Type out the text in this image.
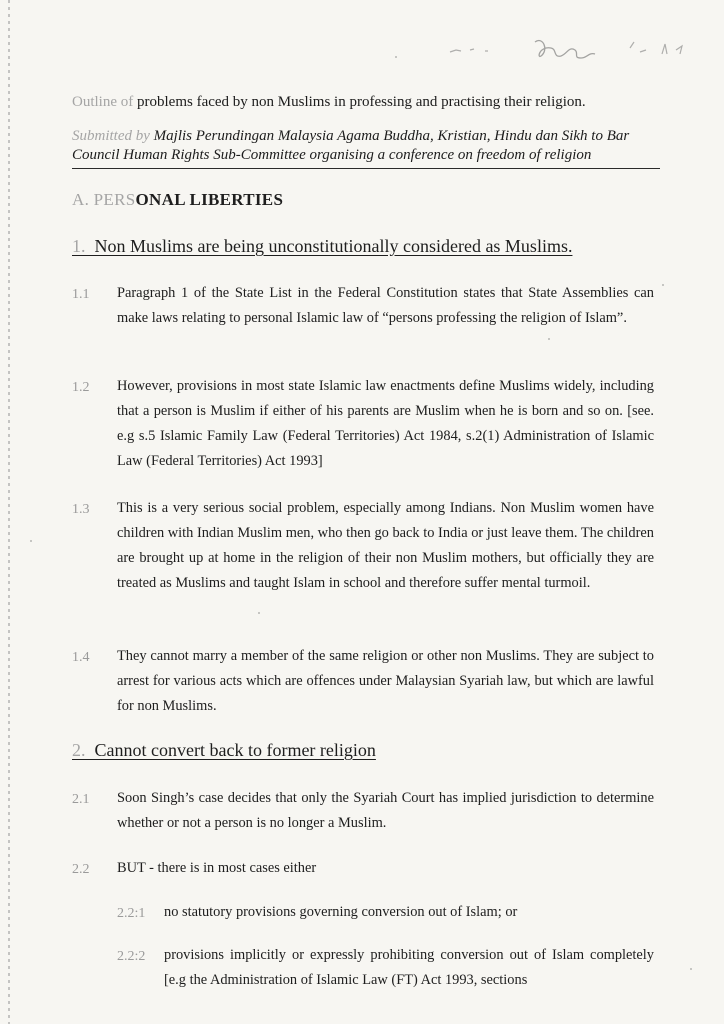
Outline of problems faced by non Muslims in professing and practising their religion.
Submitted by Majlis Perundingan Malaysia Agama Buddha, Kristian, Hindu dan Sikh to Bar Council Human Rights Sub-Committee organising a conference on freedom of religion
A. PERSONAL LIBERTIES
1. Non Muslims are being unconstitutionally considered as Muslims.
1.1 Paragraph 1 of the State List in the Federal Constitution states that State Assemblies can make laws relating to personal Islamic law of “persons professing the religion of Islam”.
1.2 However, provisions in most state Islamic law enactments define Muslims widely, including that a person is Muslim if either of his parents are Muslim when he is born and so on. [see. e.g s.5 Islamic Family Law (Federal Territories) Act 1984, s.2(1) Administration of Islamic Law (Federal Territories) Act 1993]
1.3 This is a very serious social problem, especially among Indians. Non Muslim women have children with Indian Muslim men, who then go back to India or just leave them. The children are brought up at home in the religion of their non Muslim mothers, but officially they are treated as Muslims and taught Islam in school and therefore suffer mental turmoil.
1.4 They cannot marry a member of the same religion or other non Muslims. They are subject to arrest for various acts which are offences under Malaysian Syariah law, but which are lawful for non Muslims.
2. Cannot convert back to former religion
2.1 Soon Singh’s case decides that only the Syariah Court has implied jurisdiction to determine whether or not a person is no longer a Muslim.
2.2 BUT - there is in most cases either
2.2:1 no statutory provisions governing conversion out of Islam; or
2.2:2 provisions implicitly or expressly prohibiting conversion out of Islam completely [e.g the Administration of Islamic Law (FT) Act 1993, sections
